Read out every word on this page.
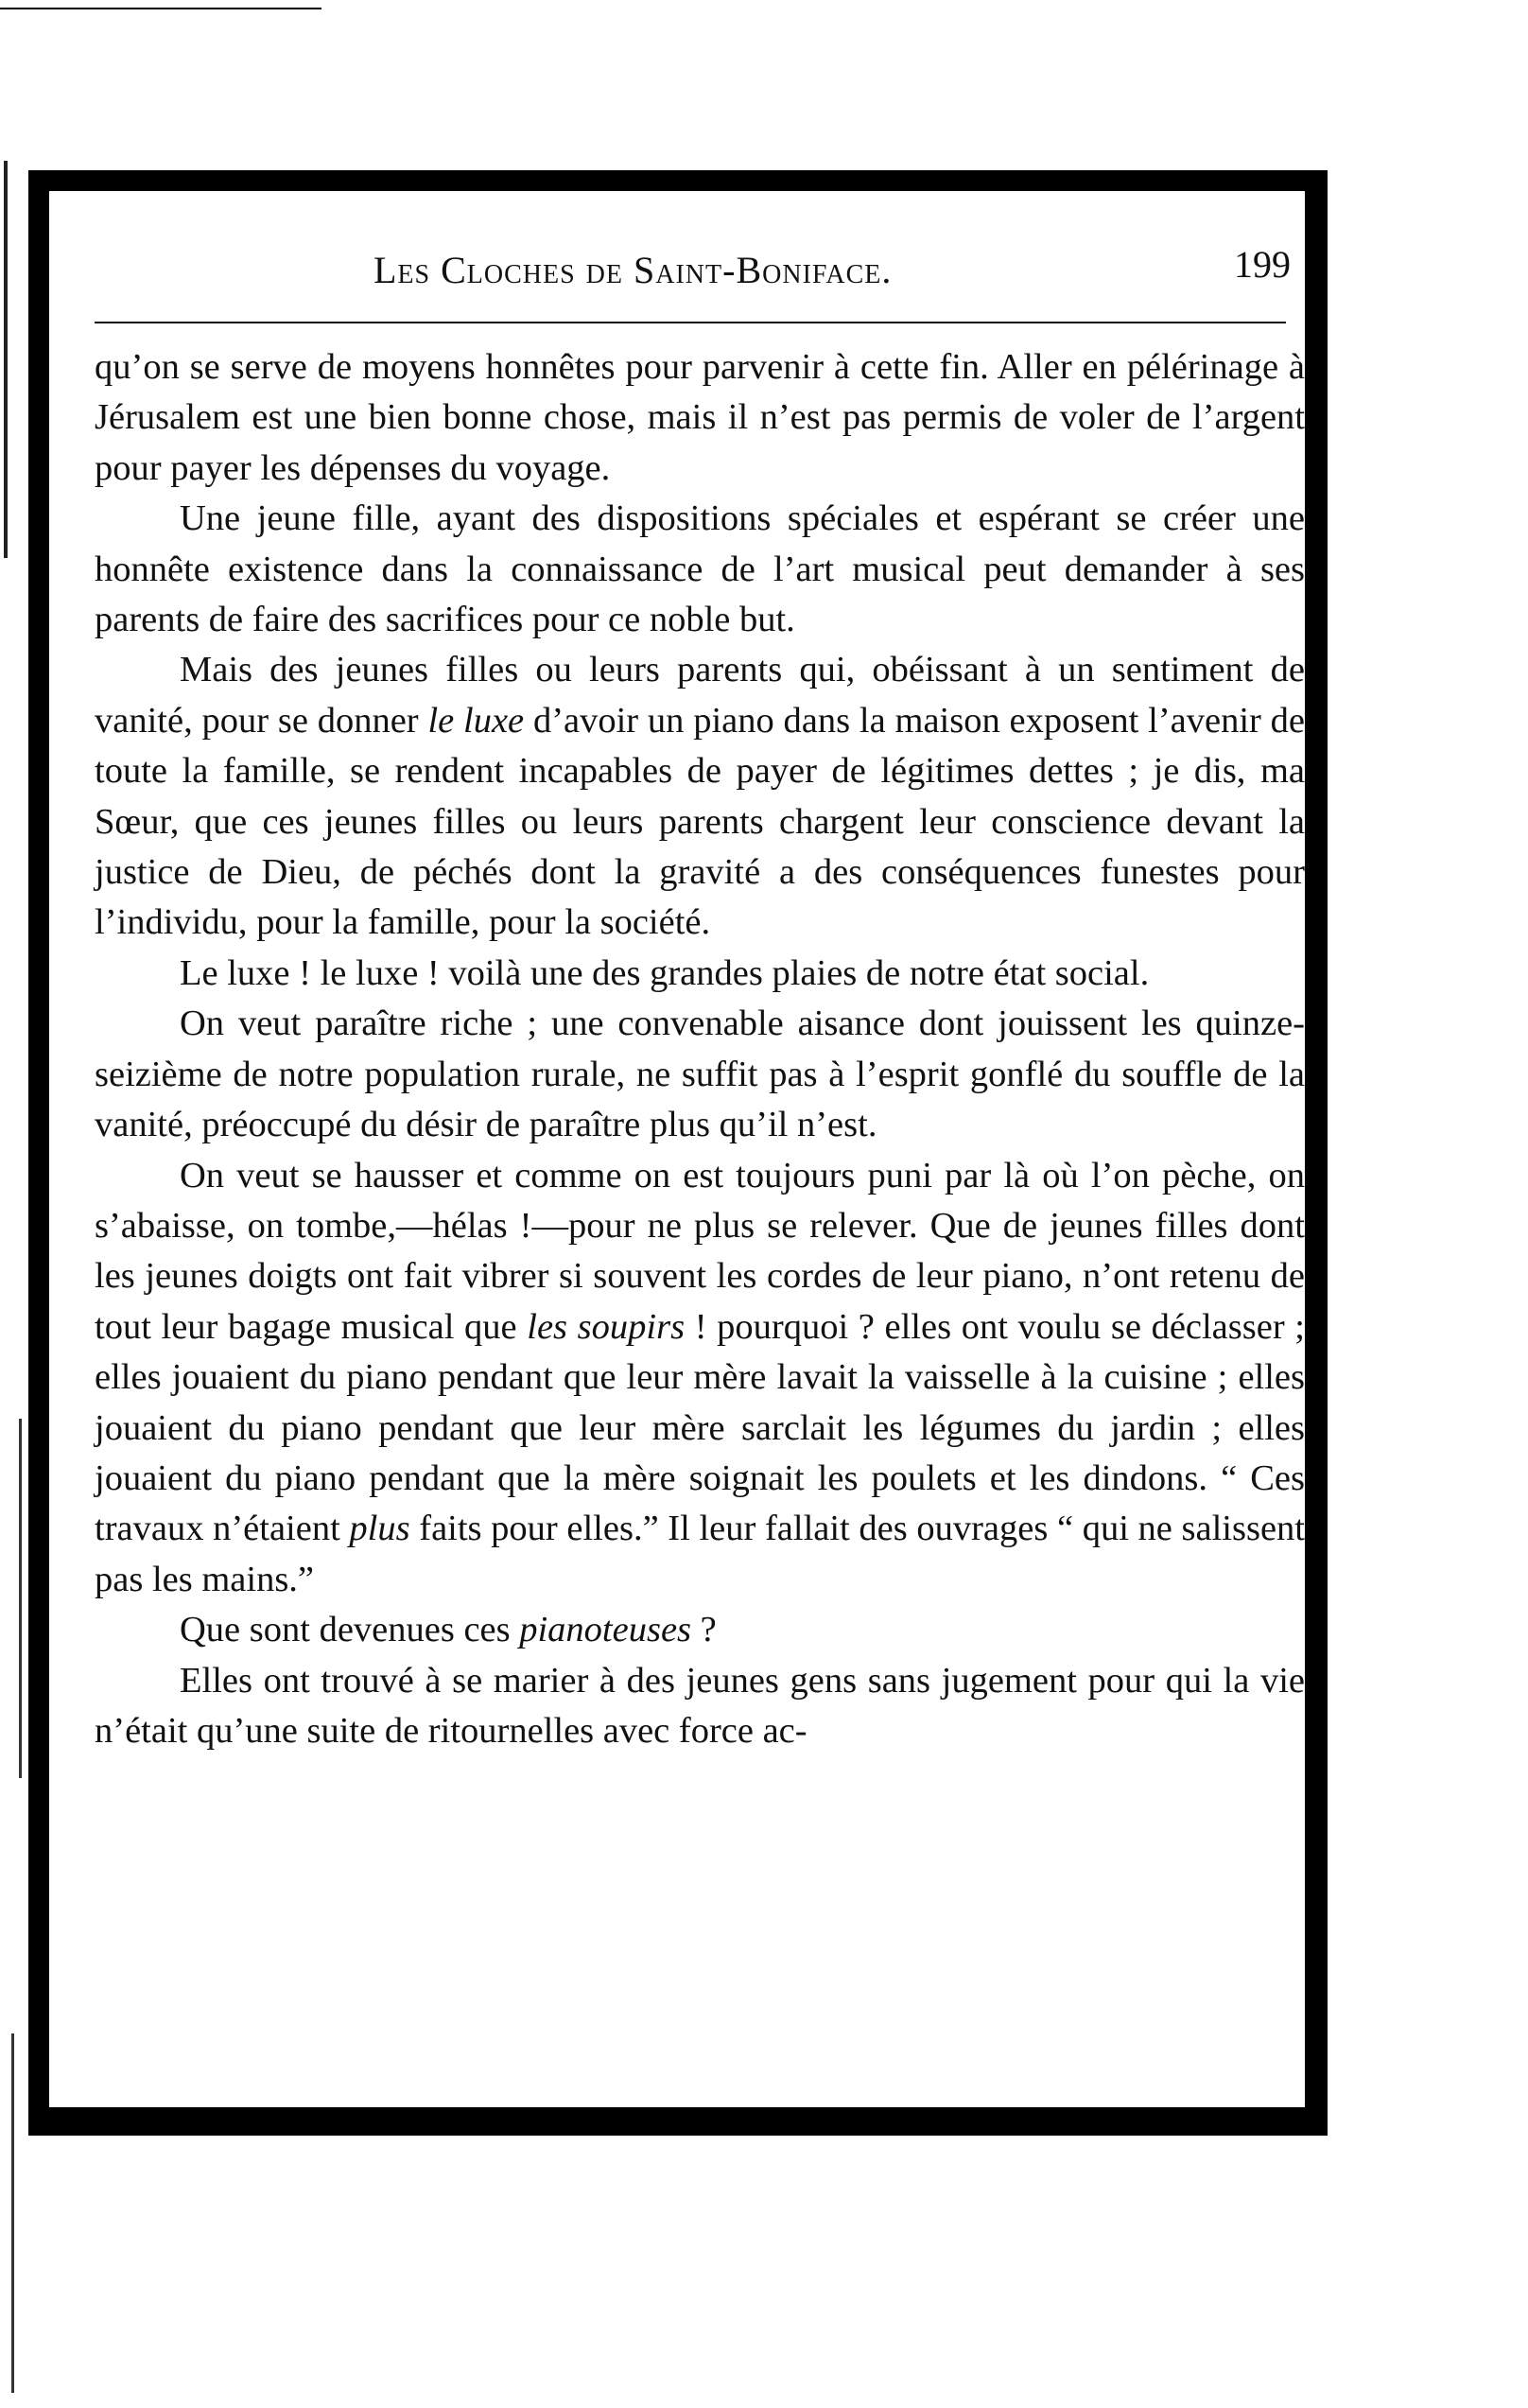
Les Cloches de Saint-Boniface.	199

qu’on se serve de moyens honnêtes pour parvenir à cette fin. Aller en pélérinage à Jérusalem est une bien bonne chose, mais il n’est pas permis de voler de l’argent pour payer les dépenses du voyage.

Une jeune fille, ayant des dispositions spéciales et espérant se créer une honnête existence dans la connaissance de l’art musical peut demander à ses parents de faire des sacrifices pour ce noble but.

Mais des jeunes filles ou leurs parents qui, obéissant à un sentiment de vanité, pour se donner le luxe d’avoir un piano dans la maison exposent l’avenir de toute la famille, se rendent incapables de payer de légitimes dettes ; je dis, ma Sœur, que ces jeunes filles ou leurs parents chargent leur conscience devant la justice de Dieu, de péchés dont la gravité a des conséquences funestes pour l’individu, pour la famille, pour la société.

Le luxe ! le luxe ! voilà une des grandes plaies de notre état social.

On veut paraître riche ; une convenable aisance dont jouissent les quinze-seizième de notre population rurale, ne suffit pas à l’esprit gonflé du souffle de la vanité, préoccupé du désir de paraître plus qu’il n’est.

On veut se hausser et comme on est toujours puni par là où l’on pèche, on s’abaisse, on tombe,—hélas !—pour ne plus se relever. Que de jeunes filles dont les jeunes doigts ont fait vibrer si souvent les cordes de leur piano, n’ont retenu de tout leur bagage musical que les soupirs ! pourquoi ? elles ont voulu se déclasser ; elles jouaient du piano pendant que leur mère lavait la vaisselle à la cuisine ; elles jouaient du piano pendant que leur mère sarclait les légumes du jardin ; elles jouaient du piano pendant que la mère soignait les poulets et les dindons. “ Ces travaux n’étaient plus faits pour elles.” Il leur fallait des ouvrages “ qui ne salissent pas les mains.”

Que sont devenues ces pianoteuses ?

Elles ont trouvé à se marier à des jeunes gens sans jugement pour qui la vie n’était qu’une suite de ritournelles avec force ac-
